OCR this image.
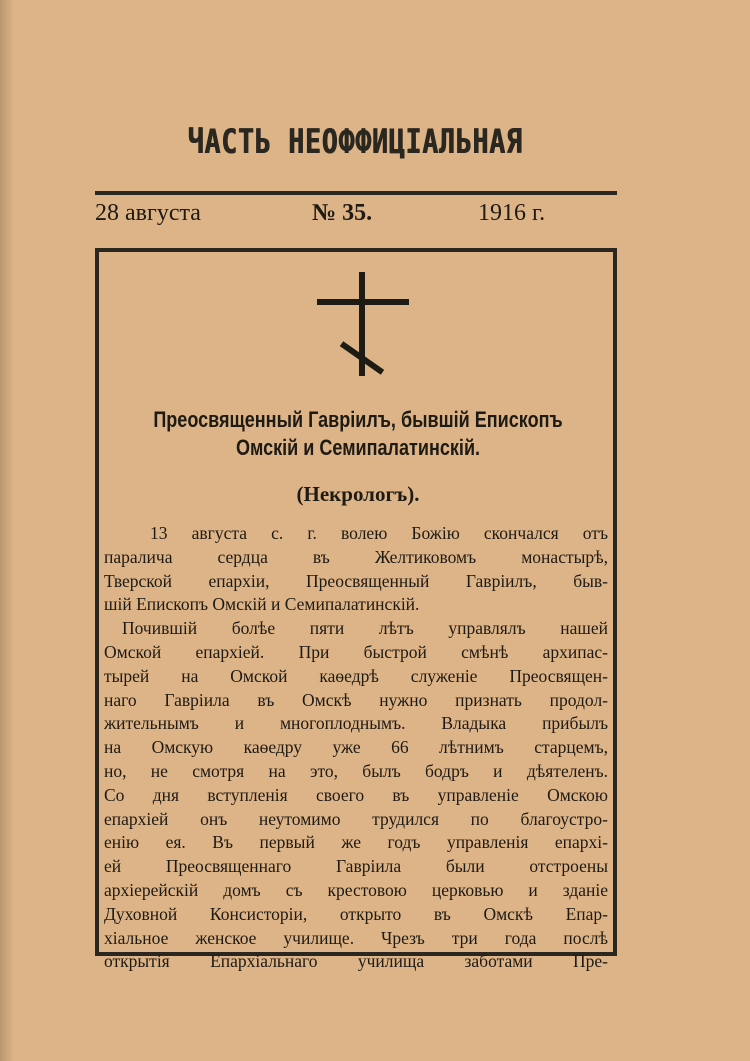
ЧАСТЬ НЕОФФИЦІАЛЬНАЯ
28 августа	№ 35.	1916 г.
Преосвященный Гавріилъ, бывшій Епископъ Омскій и Семипалатинскій.
(Некрологъ).
13 августа с. г. волею Божію скончался отъ
паралича сердца въ Желтиковомъ монастырѣ,
Тверской епархіи, Преосвященный Гавріилъ, быв-
шій Епископъ Омскій и Семипалатинскій.
Почившій болѣе пяти лѣтъ управлялъ нашей
Омской епархіей. При быстрой смѣнѣ архипас-
тырей на Омской каѳедрѣ служеніе Преосвящен-
наго Гавріила въ Омскѣ нужно признать продол-
жительнымъ и многоплоднымъ. Владыка прибылъ
на Омскую каѳедру уже 66 лѣтнимъ старцемъ,
но, не смотря на это, былъ бодръ и дѣятеленъ.
Со дня вступленія своего въ управленіе Омскою
епархіей онъ неутомимо трудился по благоустро-
енію ея. Въ первый же годъ управленія епархі-
ей Преосвященнаго Гавріила были отстроены
архіерейскій домъ съ крестовою церковью и зданіе
Духовной Консисторіи, открыто въ Омскѣ Епар-
хіальное женское училище. Чрезъ три года послѣ
открытія Епархіальнаго училища заботами Пре-
